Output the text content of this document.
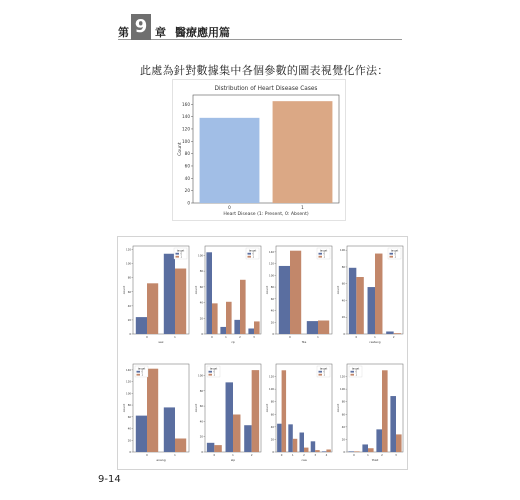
第 9 章 醫療應用篇
此處為針對數據集中各個參數的圖表視覺化作法：
Distribution of Heart Disease Cases
0
20
40
60
80
100
120
140
160
0	1
Heart Disease (1: Present, 0: Absent)
Count
0
20
40
60
80
100
120
0	1
sex
count
target
0
1
0
20
40
60
80
100
0	1	2	3
cp
count
target
0
1
0
20
40
60
80
100
120
140
0	1
fbs
count
target
0
1
0
20
40
60
80
100
0	1	2
restecg
count
target
0
1
0
20
40
60
80
100
120
140
0	1
exang
count
target
0
1
0
20
40
60
80
100
0	1	2
slp
count
target
0
1
0
20
40
60
80
100
120
0	1	2	3	4
caa
count
target
0
1
0
20
40
60
80
100
120
0	1	2	3
thall
count
target
0
1
9-14
